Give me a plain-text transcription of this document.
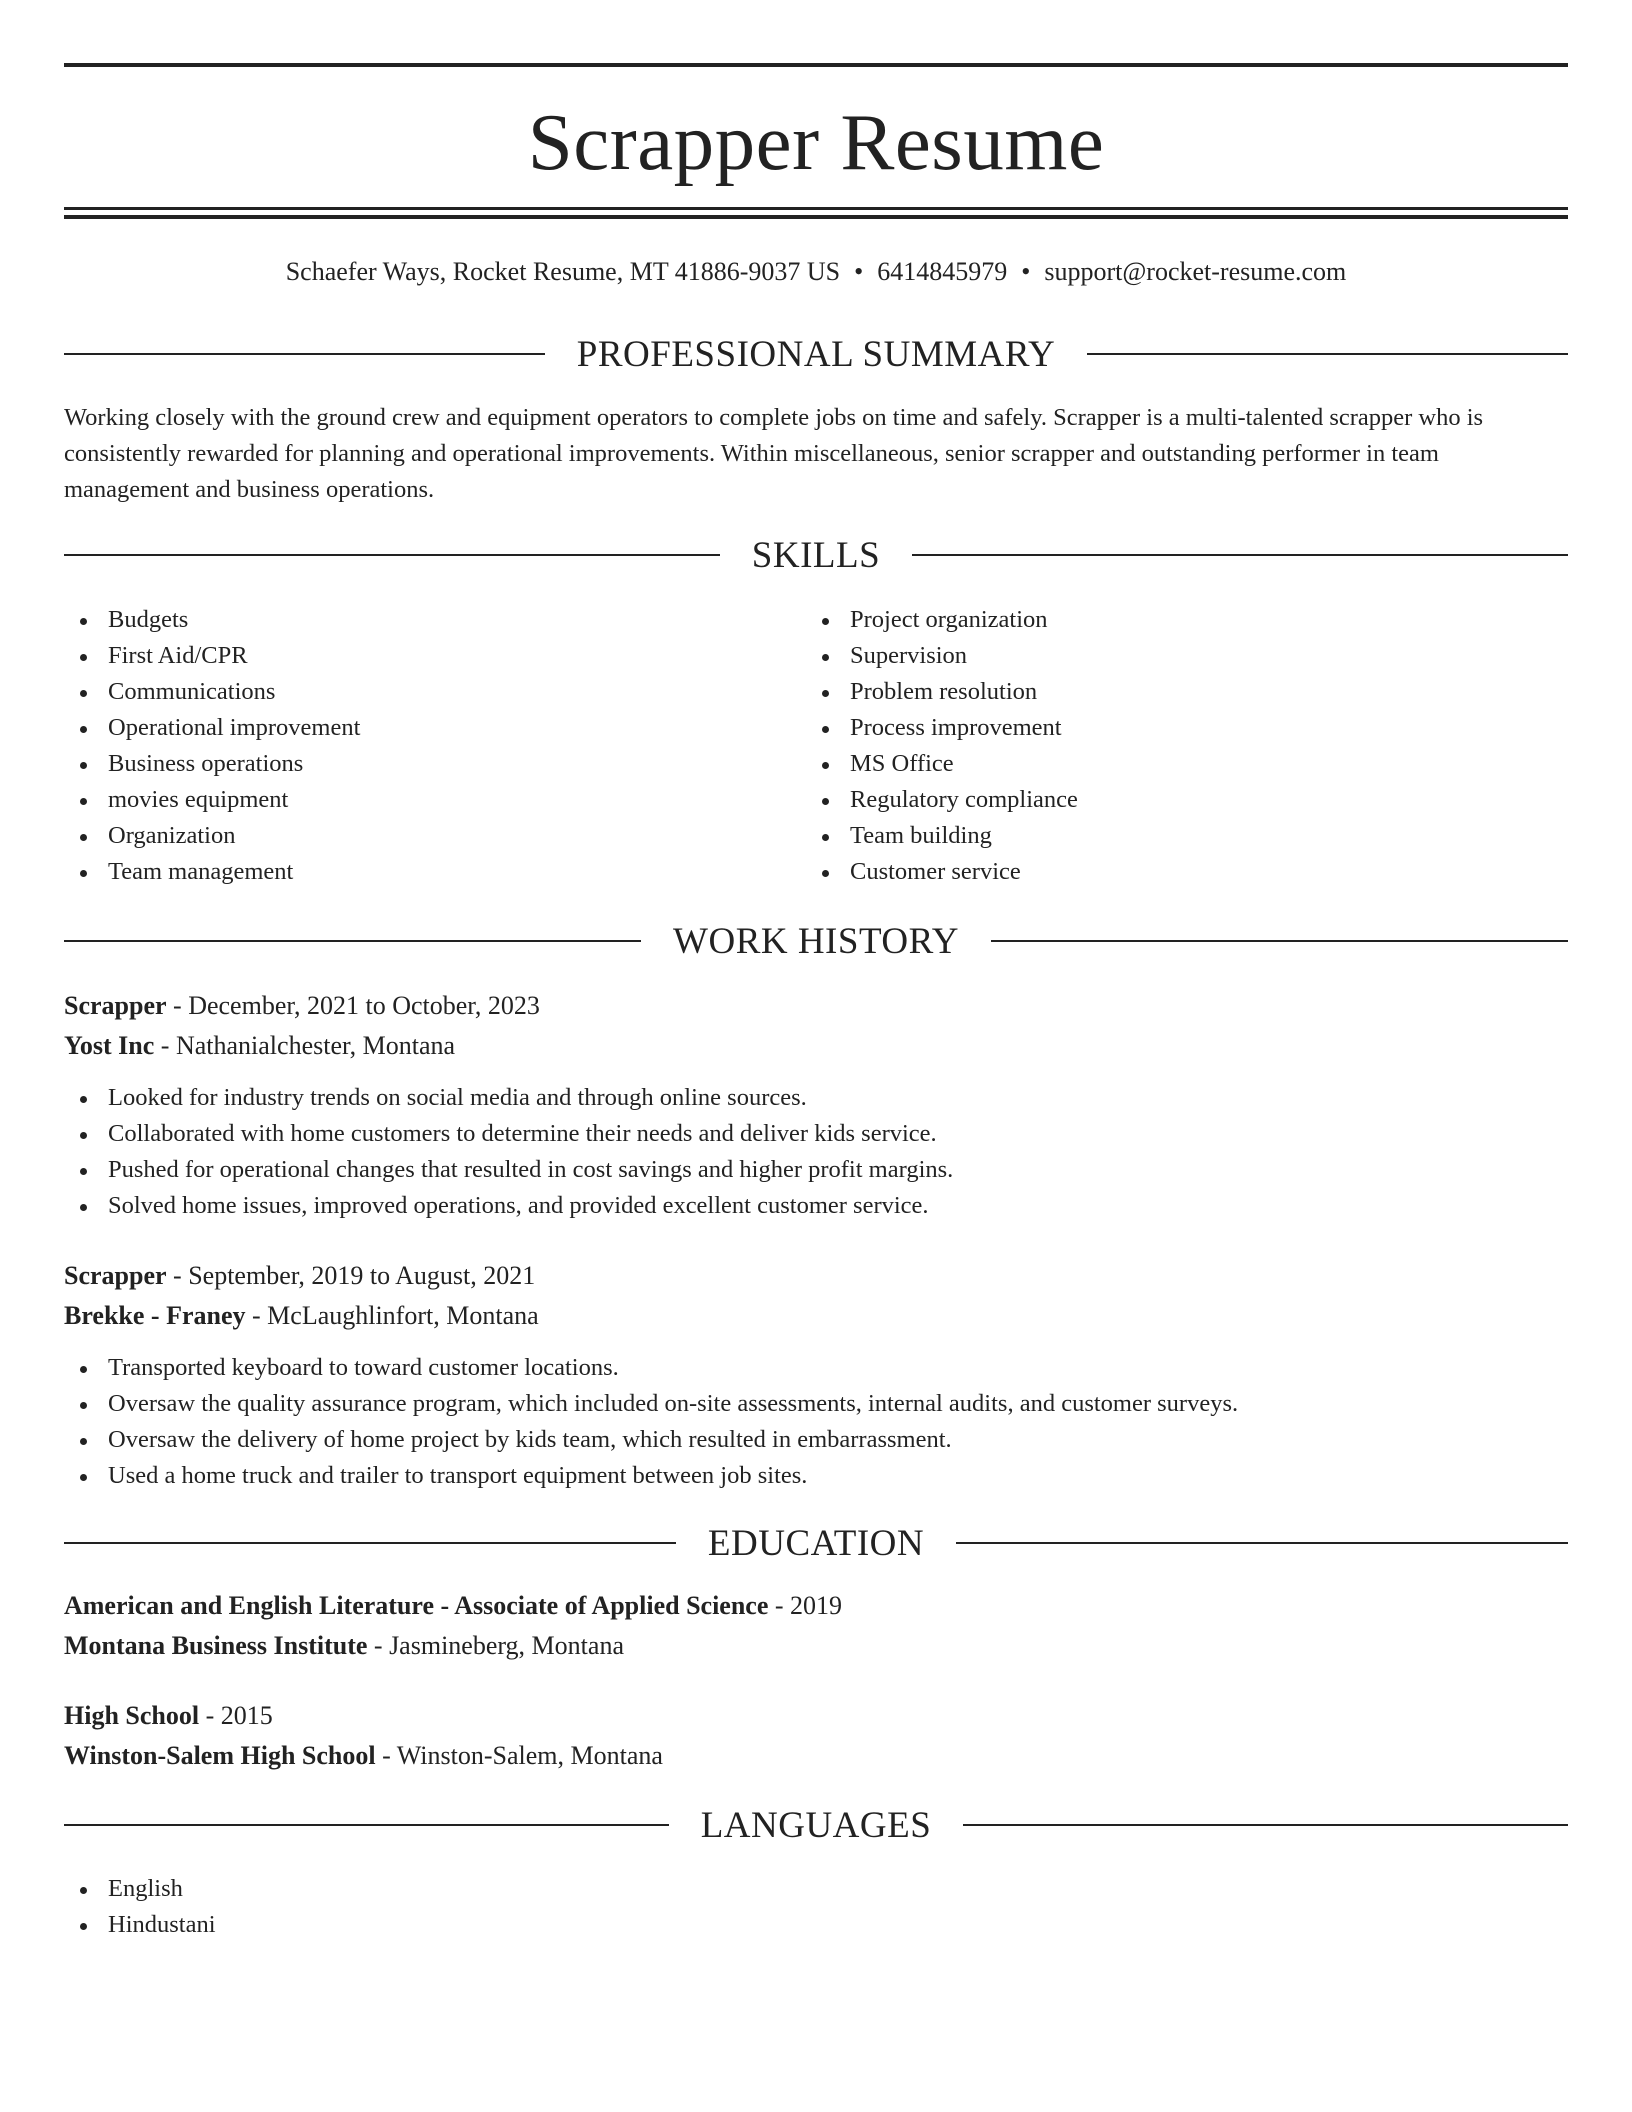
Scrapper Resume
Schaefer Ways, Rocket Resume, MT 41886-9037 US • 6414845979 • support@rocket-resume.com
PROFESSIONAL SUMMARY
Working closely with the ground crew and equipment operators to complete jobs on time and safely. Scrapper is a multi-talented scrapper who is consistently rewarded for planning and operational improvements. Within miscellaneous, senior scrapper and outstanding performer in team management and business operations.
SKILLS
Budgets
First Aid/CPR
Communications
Operational improvement
Business operations
movies equipment
Organization
Team management
Project organization
Supervision
Problem resolution
Process improvement
MS Office
Regulatory compliance
Team building
Customer service
WORK HISTORY
Scrapper - December, 2021 to October, 2023
Yost Inc - Nathanialchester, Montana
Looked for industry trends on social media and through online sources.
Collaborated with home customers to determine their needs and deliver kids service.
Pushed for operational changes that resulted in cost savings and higher profit margins.
Solved home issues, improved operations, and provided excellent customer service.
Scrapper - September, 2019 to August, 2021
Brekke - Franey - McLaughlinfort, Montana
Transported keyboard to toward customer locations.
Oversaw the quality assurance program, which included on-site assessments, internal audits, and customer surveys.
Oversaw the delivery of home project by kids team, which resulted in embarrassment.
Used a home truck and trailer to transport equipment between job sites.
EDUCATION
American and English Literature - Associate of Applied Science - 2019
Montana Business Institute - Jasmineberg, Montana
High School - 2015
Winston-Salem High School - Winston-Salem, Montana
LANGUAGES
English
Hindustani
